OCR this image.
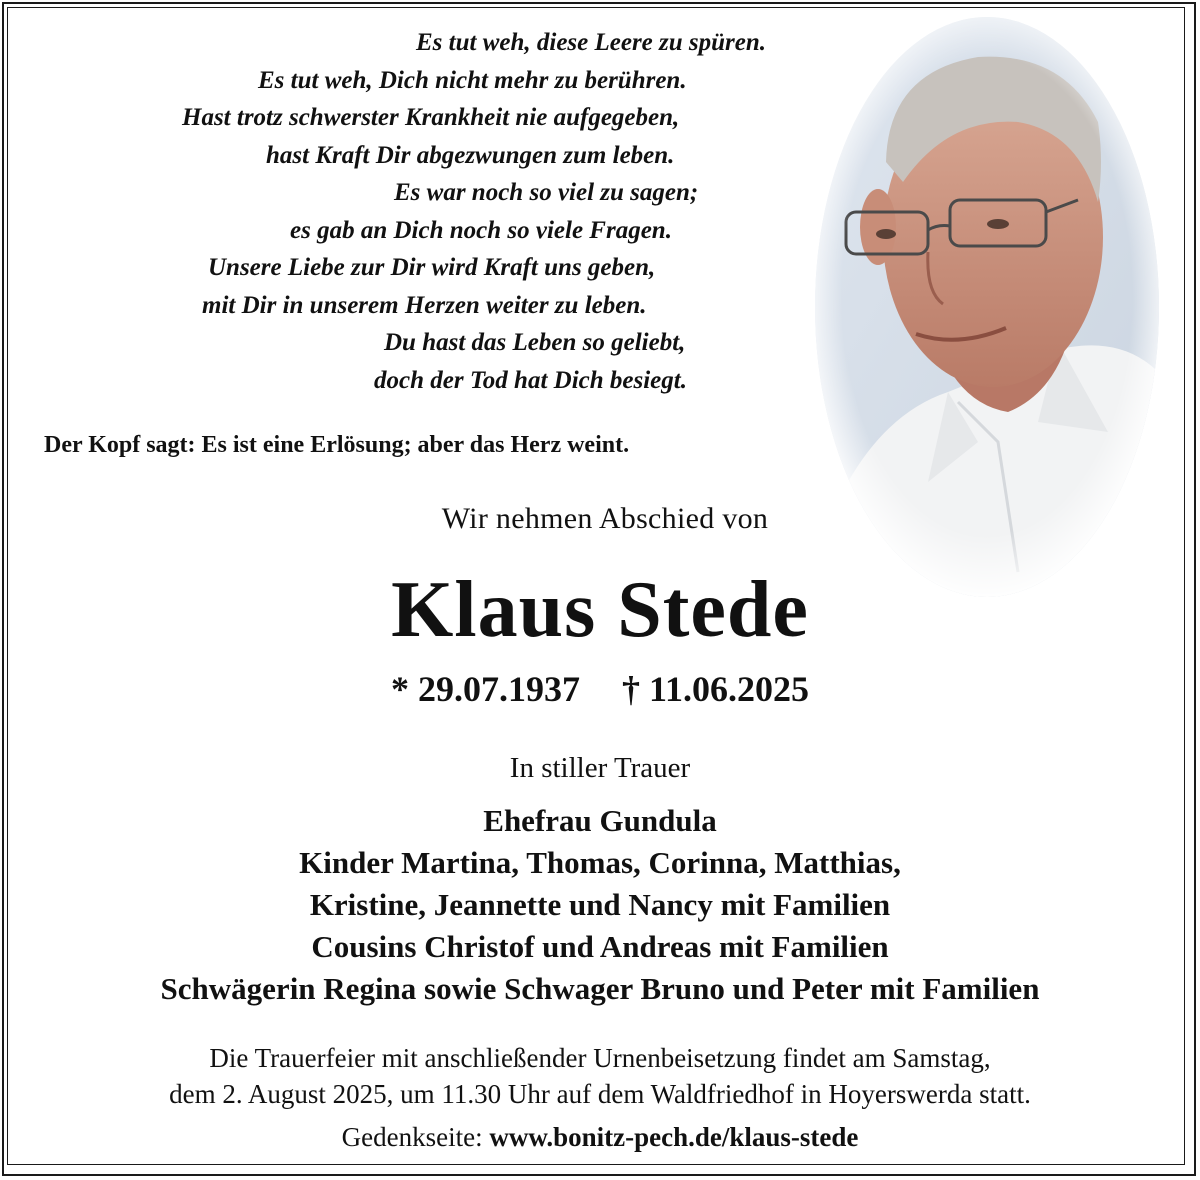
Es tut weh, diese Leere zu spüren.
Es tut weh, Dich nicht mehr zu berühren.
Hast trotz schwerster Krankheit nie aufgegeben,
hast Kraft Dir abgezwungen zum leben.
Es war noch so viel zu sagen;
es gab an Dich noch so viele Fragen.
Unsere Liebe zur Dir wird Kraft uns geben,
mit Dir in unserem Herzen weiter zu leben.
Du hast das Leben so geliebt,
doch der Tod hat Dich besiegt.
Der Kopf sagt: Es ist eine Erlösung; aber das Herz weint.
Wir nehmen Abschied von
Klaus Stede
* 29.07.1937 † 11.06.2025
In stiller Trauer
Ehefrau Gundula
Kinder Martina, Thomas, Corinna, Matthias,
Kristine, Jeannette und Nancy mit Familien
Cousins Christof und Andreas mit Familien
Schwägerin Regina sowie Schwager Bruno und Peter mit Familien
Die Trauerfeier mit anschließender Urnenbeisetzung findet am Samstag,
dem 2. August 2025, um 11.30 Uhr auf dem Waldfriedhof in Hoyerswerda statt.
Gedenkseite: www.bonitz-pech.de/klaus-stede
